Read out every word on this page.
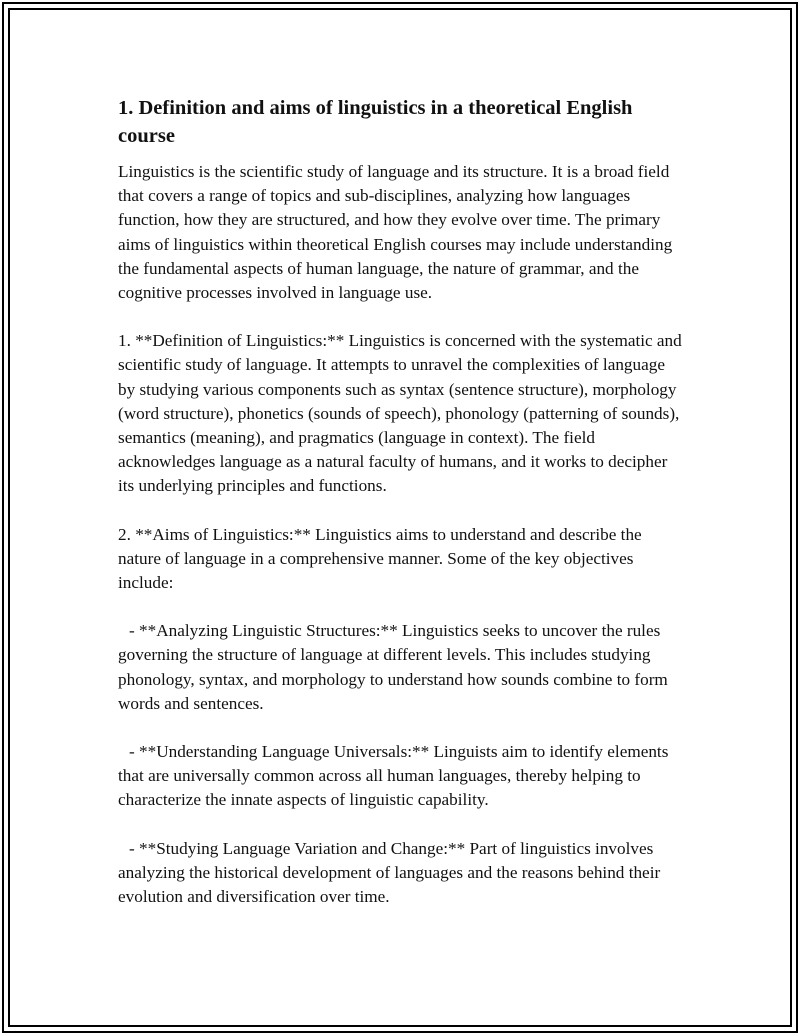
1. Definition and aims of linguistics in a theoretical English course

Linguistics is the scientific study of language and its structure. It is a broad field that covers a range of topics and sub-disciplines, analyzing how languages function, how they are structured, and how they evolve over time. The primary aims of linguistics within theoretical English courses may include understanding the fundamental aspects of human language, the nature of grammar, and the cognitive processes involved in language use.

1. **Definition of Linguistics:** Linguistics is concerned with the systematic and scientific study of language. It attempts to unravel the complexities of language by studying various components such as syntax (sentence structure), morphology (word structure), phonetics (sounds of speech), phonology (patterning of sounds), semantics (meaning), and pragmatics (language in context). The field acknowledges language as a natural faculty of humans, and it works to decipher its underlying principles and functions.

2. **Aims of Linguistics:** Linguistics aims to understand and describe the nature of language in a comprehensive manner. Some of the key objectives include:

- **Analyzing Linguistic Structures:** Linguistics seeks to uncover the rules governing the structure of language at different levels. This includes studying phonology, syntax, and morphology to understand how sounds combine to form words and sentences.

- **Understanding Language Universals:** Linguists aim to identify elements that are universally common across all human languages, thereby helping to characterize the innate aspects of linguistic capability.

- **Studying Language Variation and Change:** Part of linguistics involves analyzing the historical development of languages and the reasons behind their evolution and diversification over time.
